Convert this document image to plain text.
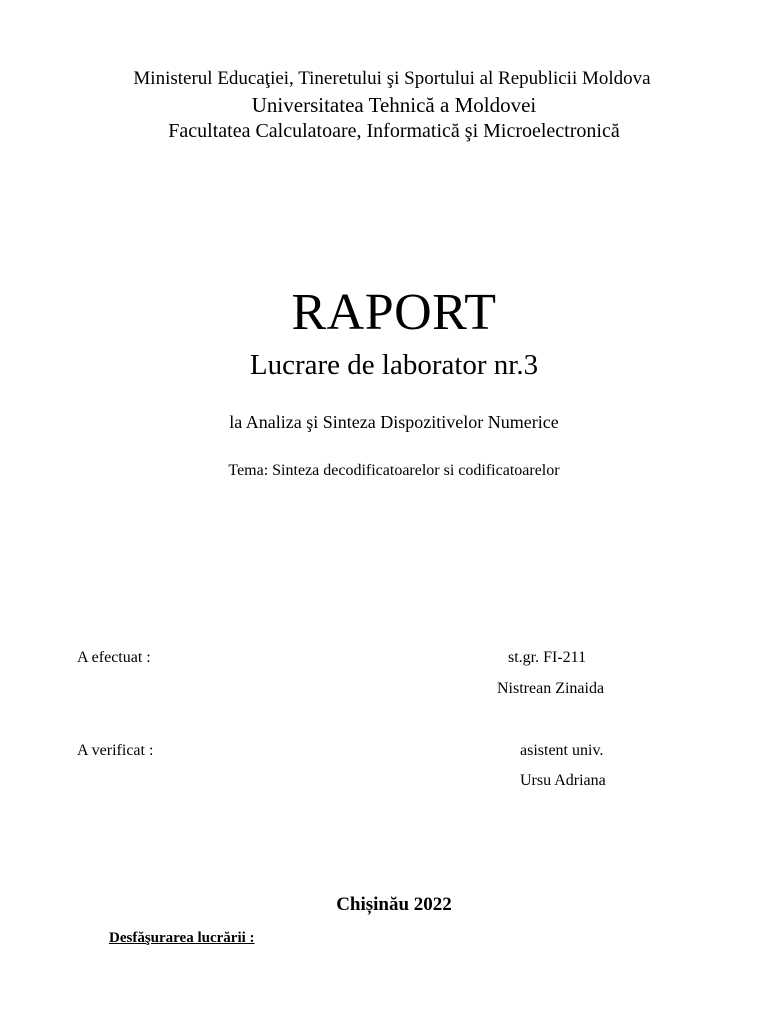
Ministerul Educaţiei, Tineretului şi Sportului al Republicii Moldova
Universitatea Tehnică a Moldovei
Facultatea Calculatoare, Informatică şi Microelectronică
RAPORT
Lucrare de laborator nr.3
la Analiza şi Sinteza Dispozitivelor Numerice
Tema: Sinteza decodificatoarelor si codificatoarelor
A efectuat :	st.gr. FI-211
Nistrean Zinaida
A verificat :	asistent univ.
Ursu Adriana
Chișinău 2022
Desfăşurarea lucrării :
